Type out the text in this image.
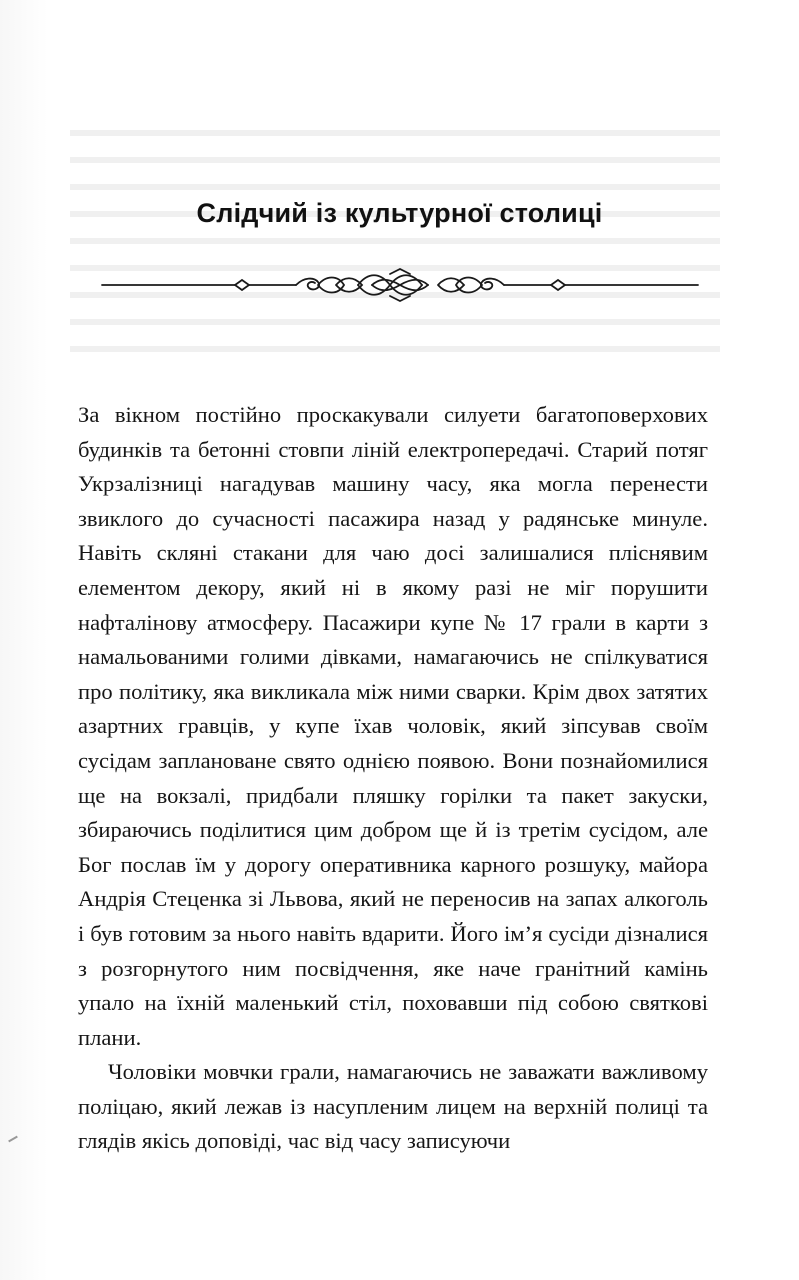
Слідчий із культурної столиці

За вікном постійно проскакували силуети багатоповерхових будинків та бетонні стовпи ліній електропередачі. Старий потяг Укрзалізниці нагадував машину часу, яка могла перенести звиклого до сучасності пасажира назад у радянське минуле. Навіть скляні стакани для чаю досі залишалися пліснявим елементом декору, який ні в якому разі не міг порушити нафталінову атмосферу. Пасажири купе № 17 грали в карти з намальованими голими дівками, намагаючись не спілкуватися про політику, яка викликала між ними сварки. Крім двох затятих азартних гравців, у купе їхав чоловік, який зіпсував своїм сусідам заплановане свято однією появою. Вони познайомилися ще на вокзалі, придбали пляшку горілки та пакет закуски, збираючись поділитися цим добром ще й із третім сусідом, але Бог послав їм у дорогу оперативника карного розшуку, майора Андрія Стеценка зі Львова, який не переносив на запах алкоголь і був готовим за нього навіть вдарити. Його ім’я сусіди дізналися з розгорнутого ним посвідчення, яке наче гранітний камінь упало на їхній маленький стіл, поховавши під собою святкові плани.

Чоловіки мовчки грали, намагаючись не заважати важливому поліцаю, який лежав із насупленим лицем на верхній полиці та глядів якісь доповіді, час від часу записуючи
